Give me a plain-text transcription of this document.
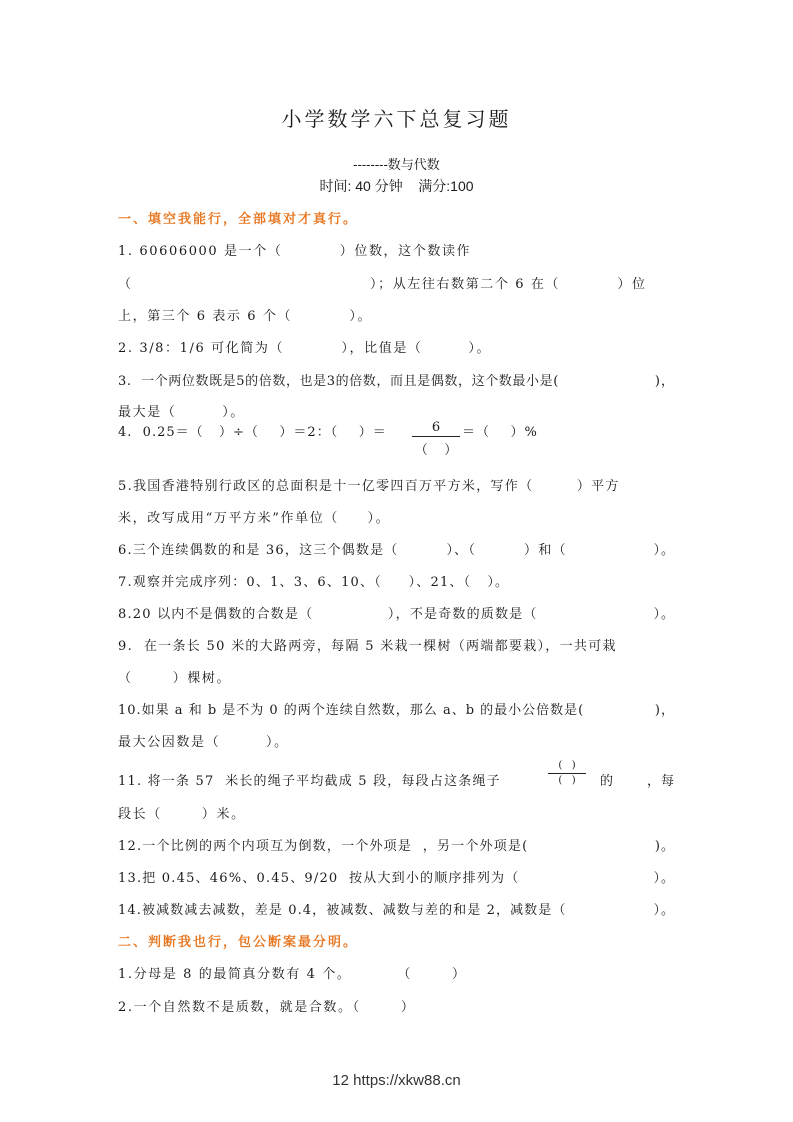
小学数学六下总复习题
--------数与代数
时间: 40 分钟    满分:100
一、填空我能行，全部填对才真行。
1. 60606000 是一个（          ）位数，这个数读作
（	）；从左往右数第二个 6 在（          ）位
上，第三个 6 表示 6 个（          ）。
2. 3/8：1/6 可化简为（          ），比值是（        ）。
3.  一个两位数既是5的倍数，也是3的倍数，而且是偶数，这个数最小是(	)，
最大是（        ）。
4.  0.25＝（   ）÷（    ）＝2：（    ）＝	6
（    ）
＝（    ）%
5.我国香港特别行政区的总面积是十一亿零四百万平方米，写作（        ）平方
米，改写成用“万平方米”作单位（     ）。
6.三个连续偶数的和是 36，这三个偶数是（         ）、（         ）和（	）。
7.观察并完成序列：0、1、3、6、10、（     ）、21、（   ）。
8.20 以内不是偶数的合数是（              ），不是奇数的质数是（	）。
9.  在一条长 50 米的大路两旁，每隔 5 米栽一棵树（两端都要栽），一共可栽
（       ）棵树。
10.如果 a 和 b 是不为 0 的两个连续自然数，那么 a、b 的最小公倍数是(	)，
最大公因数是（        ）。
11. 将一条 57  米长的绳子平均截成 5 段，每段占这条绳子
(   )
(   )	的	，每
段长（       ）米。
12.一个比例的两个内项互为倒数，一个外项是  ，另一个外项是(	)。
13.把 0.45、46%、0.45、9/20  按从大到小的顺序排列为（	）。
14.被减数减去减数，差是 0.4，被减数、减数与差的和是 2，减数是（	）。
二、判断我也行，包公断案最分明。
1.分母是 8 的最简真分数有 4 个。        （       ）
2.一个自然数不是质数，就是合数。（       ）
12 https://xkw88.cn
